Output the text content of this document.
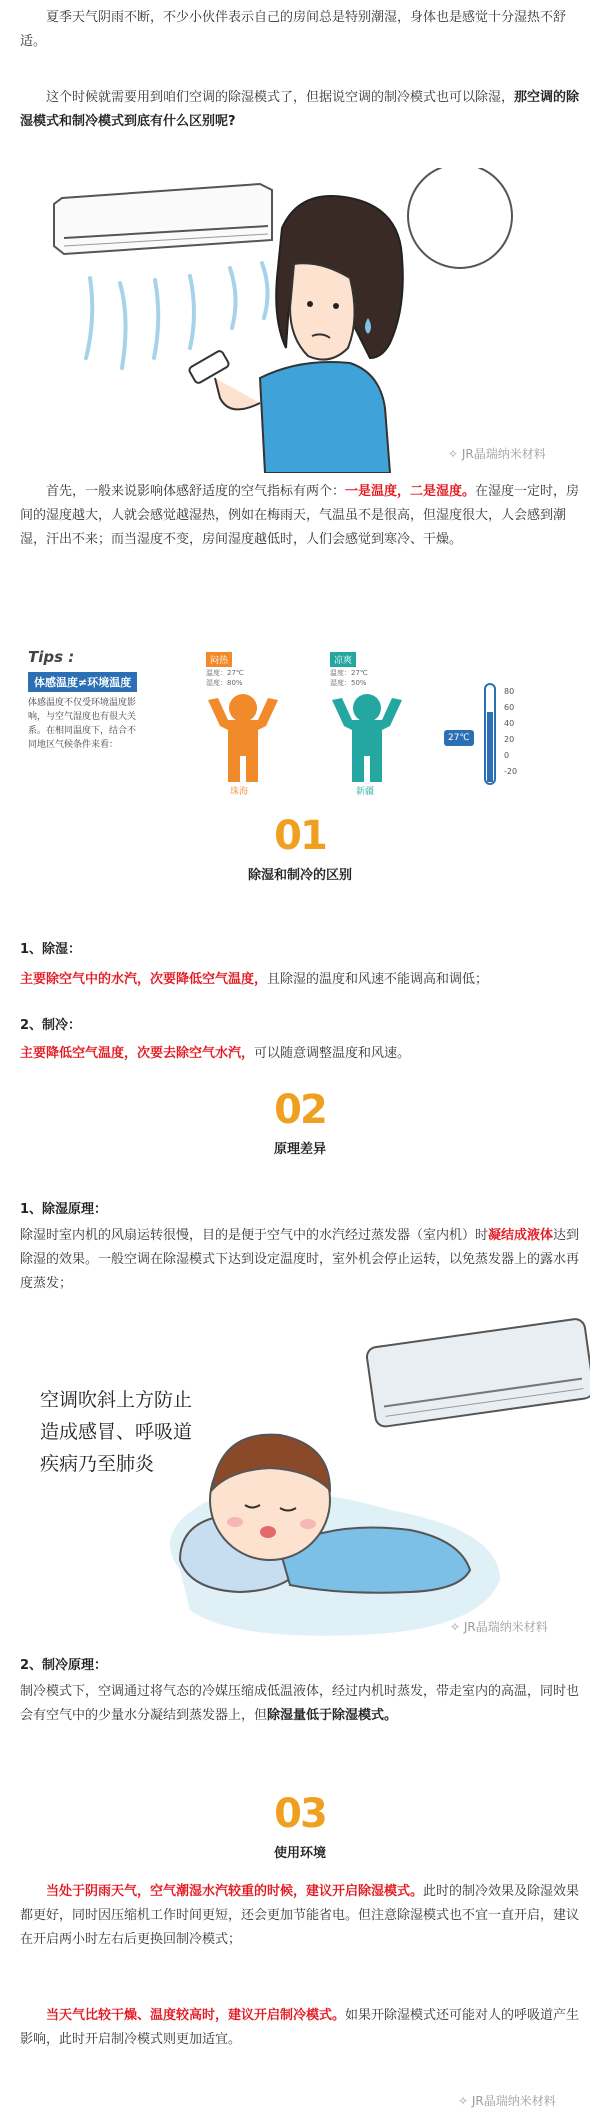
夏季天气阴雨不断，不少小伙伴表示自己的房间总是特别潮湿，身体也是感觉十分湿热不舒适。

这个时候就需要用到咱们空调的除湿模式了，但据说空调的制冷模式也可以除湿，那空调的除湿模式和制冷模式到底有什么区别呢?

✧ JR晶瑞纳米材料

首先，一般来说影响体感舒适度的空气指标有两个：一是温度，二是湿度。在湿度一定时，房间的湿度越大，人就会感觉越湿热，例如在梅雨天，气温虽不是很高，但湿度很大，人会感到潮湿，汗出不来；而当湿度不变，房间湿度越低时，人们会感觉到寒冷、干燥。

Tips :
体感温度≠环境温度
体感温度不仅受环境温度影响，与空气湿度也有很大关系。在相同温度下，结合不同地区气候条件来看：
闷热
温度：27℃
湿度：80%
珠海
凉爽
温度：27℃
湿度：50%
新疆
27℃
80
60
40
20
0
-20
01
除湿和制冷的区别

1、除湿：

主要除空气中的水汽，次要降低空气温度，且除湿的温度和风速不能调高和调低；

2、制冷：

主要降低空气温度，次要去除空气水汽，可以随意调整温度和风速。

02
原理差异

1、除湿原理：

除湿时室内机的风扇运转很慢，目的是便于空气中的水汽经过蒸发器（室内机）时凝结成液体达到除湿的效果。一般空调在除湿模式下达到设定温度时，室外机会停止运转，以免蒸发器上的露水再度蒸发；

空调吹斜上方防止
造成感冒、呼吸道
疾病乃至肺炎
✧ JR晶瑞纳米材料

2、制冷原理：

制冷模式下，空调通过将气态的冷媒压缩成低温液体，经过内机时蒸发，带走室内的高温，同时也会有空气中的少量水分凝结到蒸发器上，但除湿量低于除湿模式。

03
使用环境

当处于阴雨天气，空气潮湿水汽较重的时候，建议开启除湿模式。此时的制冷效果及除湿效果都更好，同时因压缩机工作时间更短，还会更加节能省电。但注意除湿模式也不宜一直开启，建议在开启两小时左右后更换回制冷模式；

当天气比较干燥、温度较高时，建议开启制冷模式。如果开除湿模式还可能对人的呼吸道产生影响，此时开启制冷模式则更加适宜。

✧ JR晶瑞纳米材料
